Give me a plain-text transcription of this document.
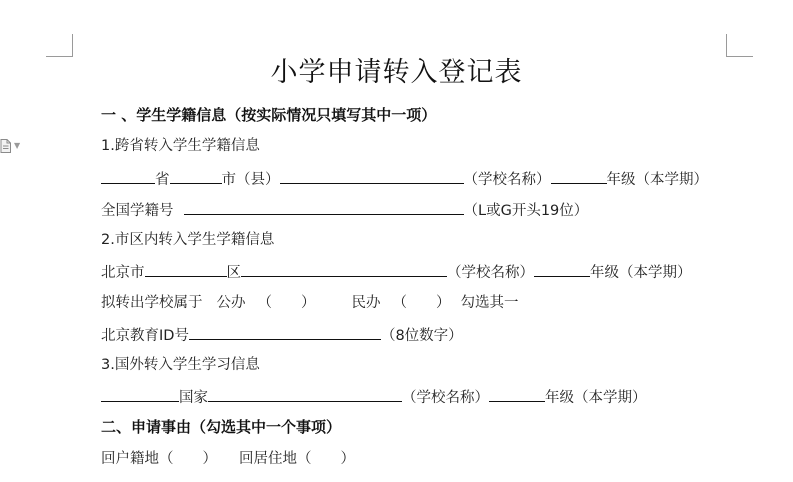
▼
小学申请转入登记表
一 、学生学籍信息（按实际情况只填写其中一项）
1.跨省转入学生学籍信息
省	市（县）	（学校名称）	年级（本学期）
全国学籍号	（L或G开头19位）
2.市区内转入学生学籍信息
北京市	区	（学校名称）	年级（本学期）
拟转出学校属于 公办 （　　） 民办 （　　） 勾选其一
北京教育ID号	（8位数字）
3.国外转入学生学习信息
国家	（学校名称）	年级（本学期）
二、申请事由（勾选其中一个事项）
回户籍地（　　） 回居住地（　　）
